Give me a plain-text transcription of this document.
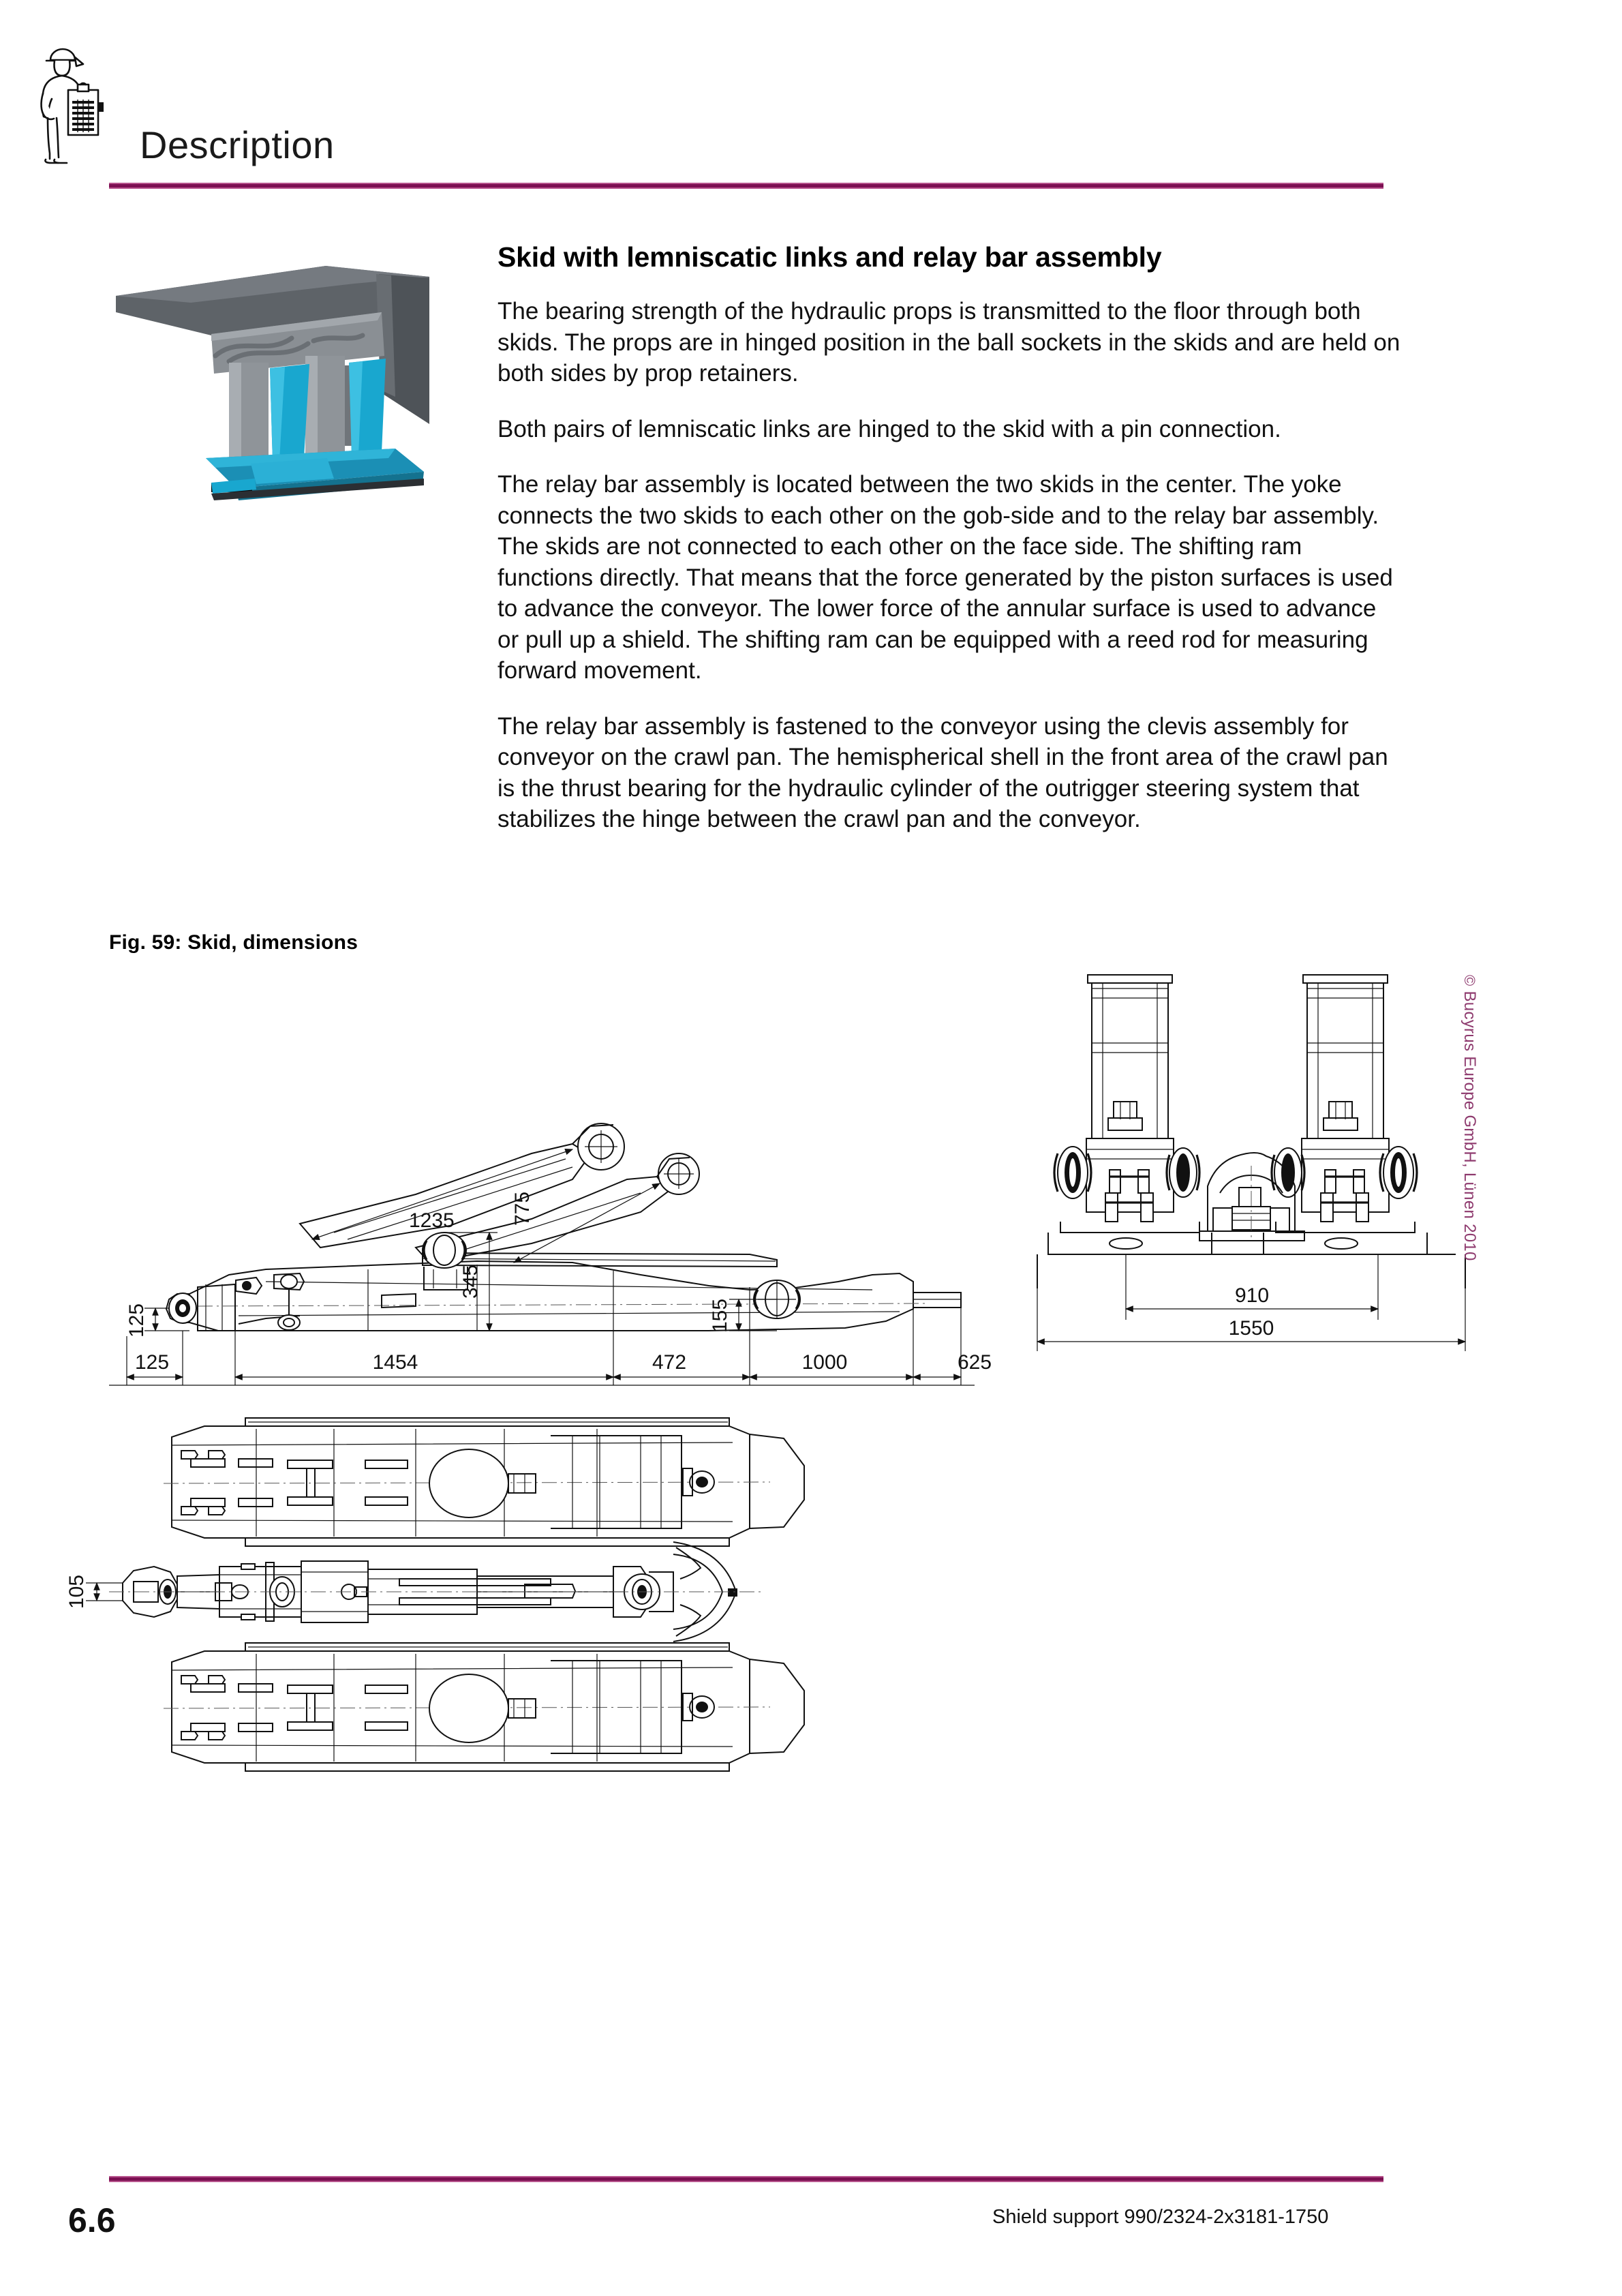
Description
Skid with lemniscatic links and relay bar assembly

The bearing strength of the hydraulic props is transmitted to the floor through both skids. The props are in hinged position in the ball sockets in the skids and are held on both sides by prop retainers.

Both pairs of lemniscatic links are hinged to the skid with a pin connection.

The relay bar assembly is located between the two skids in the center. The yoke connects the two skids to each other on the gob-side and to the relay bar assembly. The skids are not connected to each other on the face side. The shifting ram functions directly. That means that the force generated by the piston surfaces is used to advance the conveyor. The lower force of the annular surface is used to advance or pull up a shield. The shifting ram can be equipped with a reed rod for measuring forward movement.

The relay bar assembly is fastened to the conveyor using the clevis assembly for conveyor on the crawl pan. The hemispherical shell in the front area of the crawl pan is the thrust bearing for the hydraulic cylinder of the outrigger steering system that stabilizes the hinge between the crawl pan and the conveyor.

Fig. 59: Skid, dimensions
1235	775
125
345
155
125	1454	472	1000	625
910
1550
105
© Bucyrus Europe GmbH, Lünen 2010
6.6	Shield support 990/2324-2x3181-1750
